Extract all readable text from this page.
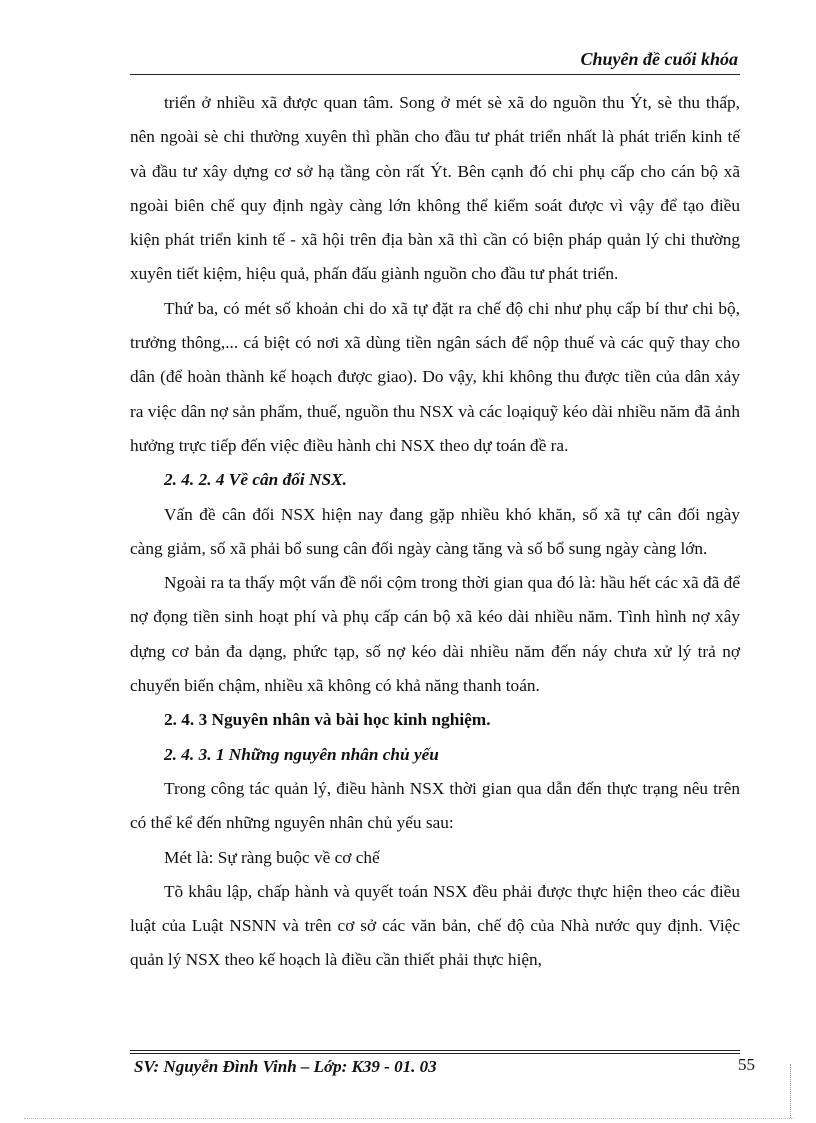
Chuyên đề cuối khóa

triển ở nhiều xã được quan tâm. Song ở mét sè xã do nguồn thu Ýt, sè thu thấp, nên ngoài sè chi thường xuyên thì phần cho đầu tư phát triển nhất là phát triển kinh tế và đầu tư xây dựng cơ sở hạ tầng còn rất Ýt. Bên cạnh đó chi phụ cấp cho cán bộ xã ngoài biên chế quy định ngày càng lớn không thể kiểm soát được vì vậy để tạo điều kiện phát triển kinh tế - xã hội trên địa bàn xã thì cần có biện pháp quản lý chi thường xuyên tiết kiệm, hiệu quả, phấn đấu giành nguồn cho đầu tư phát triển.

Thứ ba, có mét số khoản chi do xã tự đặt ra chế độ chi như phụ cấp bí thư chi bộ, trưởng thông,... cá biệt có nơi xã dùng tiền ngân sách để nộp thuế và các quỹ thay cho dân (để hoàn thành kế hoạch được giao). Do vậy, khi không thu được tiền của dân xảy ra việc dân nợ sản phẩm, thuế, nguồn thu NSX và các loạiquỹ kéo dài nhiều năm đã ảnh hưởng trực tiếp đến việc điều hành chi NSX theo dự toán đề ra.

2. 4. 2. 4 Về cân đối NSX.

Vấn đề cân đối NSX hiện nay đang gặp nhiều khó khăn, số xã tự cân đối ngày càng giảm, số xã phải bổ sung cân đối ngày càng tăng và số bổ sung ngày càng lớn.

Ngoài ra ta thấy một vấn đề nổi cộm trong thời gian qua đó là: hầu hết các xã đã để nợ đọng tiền sinh hoạt phí và phụ cấp cán bộ xã kéo dài nhiều năm. Tình hình nợ xây dựng cơ bản đa dạng, phức tạp, số nợ kéo dài nhiều năm đến náy chưa xử lý trả nợ chuyển biến chậm, nhiều xã không có khả năng thanh toán.

2. 4. 3 Nguyên nhân và bài học kinh nghiệm.

2. 4. 3. 1 Những nguyên nhân chủ yếu

Trong công tác quản lý, điều hành NSX thời gian qua dẫn đến thực trạng nêu trên có thể kể đến những nguyên nhân chủ yếu sau:

Mét là: Sự ràng buộc về cơ chế

Tõ khâu lập, chấp hành và quyết toán NSX đều phải được thực hiện theo các điều luật của Luật NSNN và trên cơ sở các văn bản, chế độ của Nhà nước quy định. Việc quản lý NSX theo kế hoạch là điều cần thiết phải thực hiện,

SV: Nguyễn Đình Vinh – Lớp: K39 - 01. 03	55
